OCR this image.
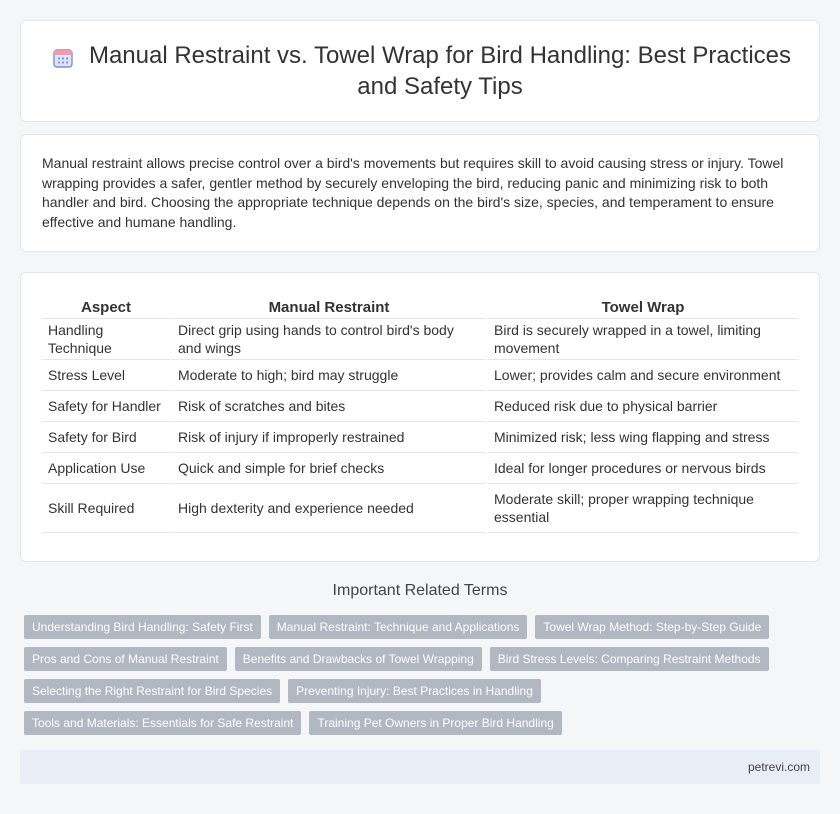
Manual Restraint vs. Towel Wrap for Bird Handling: Best Practices and Safety Tips

Manual restraint allows precise control over a bird's movements but requires skill to avoid causing stress or injury. Towel wrapping provides a safer, gentler method by securely enveloping the bird, reducing panic and minimizing risk to both handler and bird. Choosing the appropriate technique depends on the bird's size, species, and temperament to ensure effective and humane handling.

Aspect		Manual Restraint		Towel Wrap
Handling Technique		Direct grip using hands to control bird's body and wings		Bird is securely wrapped in a towel, limiting movement
Stress Level		Moderate to high; bird may struggle		Lower; provides calm and secure environment
Safety for Handler		Risk of scratches and bites		Reduced risk due to physical barrier
Safety for Bird		Risk of injury if improperly restrained		Minimized risk; less wing flapping and stress
Application Use		Quick and simple for brief checks		Ideal for longer procedures or nervous birds
Skill Required		High dexterity and experience needed		Moderate skill; proper wrapping technique essential
Important Related Terms
Understanding Bird Handling: Safety First	Manual Restraint: Technique and Applications	Towel Wrap Method: Step-by-Step Guide
Pros and Cons of Manual Restraint	Benefits and Drawbacks of Towel Wrapping	Bird Stress Levels: Comparing Restraint Methods
Selecting the Right Restraint for Bird Species	Preventing Injury: Best Practices in Handling
Tools and Materials: Essentials for Safe Restraint	Training Pet Owners in Proper Bird Handling
petrevi.com
